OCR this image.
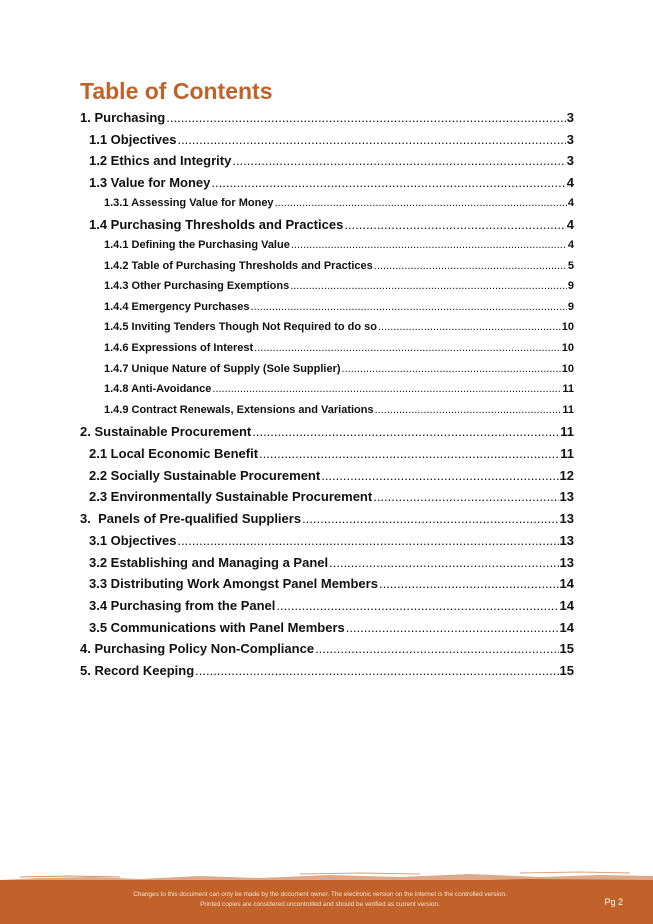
Table of Contents
1. Purchasing .....	3
1.1 Objectives .....	3
1.2 Ethics and Integrity .....	3
1.3 Value for Money .....	4
1.3.1 Assessing Value for Money .....	4
1.4 Purchasing Thresholds and Practices .....	4
1.4.1 Defining the Purchasing Value .....	4
1.4.2 Table of Purchasing Thresholds and Practices .....	5
1.4.3 Other Purchasing Exemptions .....	9
1.4.4 Emergency Purchases .....	9
1.4.5 Inviting Tenders Though Not Required to do so .....	10
1.4.6 Expressions of Interest .....	10
1.4.7 Unique Nature of Supply (Sole Supplier) .....	10
1.4.8 Anti-Avoidance .....	11
1.4.9 Contract Renewals, Extensions and Variations .....	11
2. Sustainable Procurement .....	11
2.1 Local Economic Benefit .....	11
2.2 Socially Sustainable Procurement .....	12
2.3 Environmentally Sustainable Procurement .....	13
3.  Panels of Pre-qualified Suppliers .....	13
3.1 Objectives .....	13
3.2 Establishing and Managing a Panel .....	13
3.3 Distributing Work Amongst Panel Members .....	14
3.4 Purchasing from the Panel .....	14
3.5 Communications with Panel Members .....	14
4. Purchasing Policy Non-Compliance .....	15
5. Record Keeping .....	15

Changes to this document can only be made by the document owner. The electronic version on the internet is the controlled version.
Printed copies are considered uncontrolled and should be verified as current version.	Pg 2
